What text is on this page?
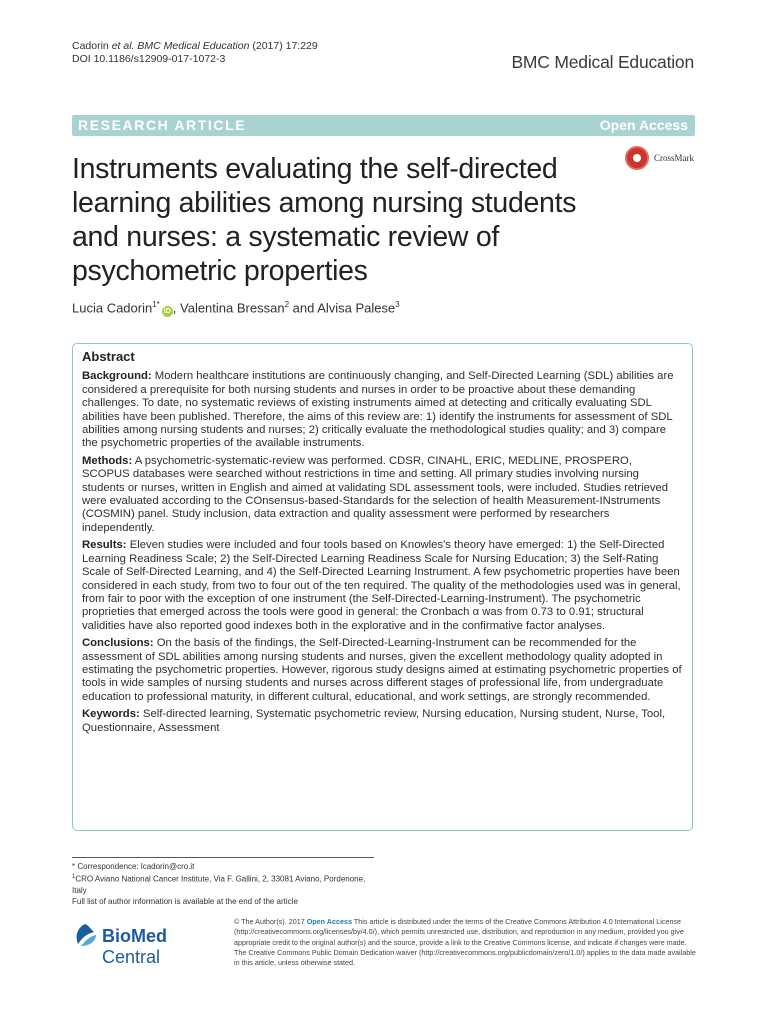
Cadorin et al. BMC Medical Education (2017) 17:229
DOI 10.1186/s12909-017-1072-3	BMC Medical Education
RESEARCH ARTICLE	Open Access
Instruments evaluating the self-directed learning abilities among nursing students and nurses: a systematic review of psychometric properties
CrossMark
Lucia Cadorin$^{1*}$iD , Valentina Bressan$^2$ and Alvisa Palese$^3$
Abstract

Background: Modern healthcare institutions are continuously changing, and Self-Directed Learning (SDL) abilities are considered a prerequisite for both nursing students and nurses in order to be proactive about these demanding challenges. To date, no systematic reviews of existing instruments aimed at detecting and critically evaluating SDL abilities have been published. Therefore, the aims of this review are: 1) identify the instruments for assessment of SDL abilities among nursing students and nurses; 2) critically evaluate the methodological studies quality; and 3) compare the psychometric properties of the available instruments.

Methods: A psychometric-systematic-review was performed. CDSR, CINAHL, ERIC, MEDLINE, PROSPERO, SCOPUS databases were searched without restrictions in time and setting. All primary studies involving nursing students or nurses, written in English and aimed at validating SDL assessment tools, were included. Studies retrieved were evaluated according to the COnsensus-based-Standards for the selection of health Measurement-INstruments (COSMIN) panel. Study inclusion, data extraction and quality assessment were performed by researchers independently.

Results: Eleven studies were included and four tools based on Knowles's theory have emerged: 1) the Self-Directed Learning Readiness Scale; 2) the Self-Directed Learning Readiness Scale for Nursing Education; 3) the Self-Rating Scale of Self-Directed Learning, and 4) the Self-Directed Learning Instrument. A few psychometric properties have been considered in each study, from two to four out of the ten required. The quality of the methodologies used was in general, from fair to poor with the exception of one instrument (the Self-Directed-Learning-Instrument). The psychometric proprieties that emerged across the tools were good in general: the Cronbach α was from 0.73 to 0.91; structural validities have also reported good indexes both in the explorative and in the confirmative factor analyses.

Conclusions: On the basis of the findings, the Self-Directed-Learning-Instrument can be recommended for the assessment of SDL abilities among nursing students and nurses, given the excellent methodology quality adopted in estimating the psychometric properties. However, rigorous study designs aimed at estimating psychometric properties of tools in wide samples of nursing students and nurses across different stages of professional life, from undergraduate education to professional maturity, in different cultural, educational, and work settings, are strongly recommended.

Keywords: Self-directed learning, Systematic psychometric review, Nursing education, Nursing student, Nurse, Tool, Questionnaire, Assessment

* Correspondence: lcadorin@cro.it

$^1$CRO Aviano National Cancer Institute, Via F. Gallini, 2, 33081 Aviano, Pordenone, Italy

Full list of author information is available at the end of the article

BioMed Central
© The Author(s). 2017 Open Access This article is distributed under the terms of the Creative Commons Attribution 4.0 International License (http://creativecommons.org/licenses/by/4.0/), which permits unrestricted use, distribution, and reproduction in any medium, provided you give appropriate credit to the original author(s) and the source, provide a link to the Creative Commons license, and indicate if changes were made. The Creative Commons Public Domain Dedication waiver (http://creativecommons.org/publicdomain/zero/1.0/) applies to the data made available in this article, unless otherwise stated.
